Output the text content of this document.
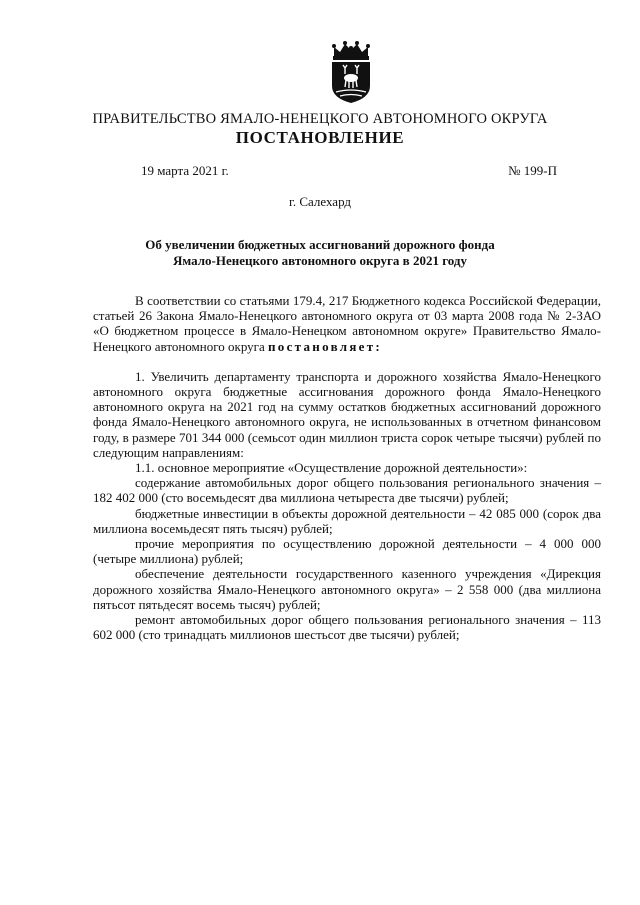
ПРАВИТЕЛЬСТВО ЯМАЛО-НЕНЕЦКОГО АВТОНОМНОГО ОКРУГА
ПОСТАНОВЛЕНИЕ
19 марта 2021 г.	№ 199-П
г. Салехард
Об увеличении бюджетных ассигнований дорожного фонда
Ямало-Ненецкого автономного округа в 2021 году

В соответствии со статьями 179.4, 217 Бюджетного кодекса Российской Федерации, статьей 26 Закона Ямало-Ненецкого автономного округа от 03 марта 2008 года № 2-ЗАО «О бюджетном процессе в Ямало-Ненецком автономном округе» Правительство Ямало-Ненецкого автономного округа постановляет:

1. Увеличить департаменту транспорта и дорожного хозяйства Ямало-Ненецкого автономного округа бюджетные ассигнования дорожного фонда Ямало-Ненецкого автономного округа на 2021 год на сумму остатков бюджетных ассигнований дорожного фонда Ямало-Ненецкого автономного округа, не использованных в отчетном финансовом году, в размере 701 344 000 (семьсот один миллион триста сорок четыре тысячи) рублей по следующим направлениям:

1.1. основное мероприятие «Осуществление дорожной деятельности»:

содержание автомобильных дорог общего пользования регионального значения – 182 402 000 (сто восемьдесят два миллиона четыреста две тысячи) рублей;

бюджетные инвестиции в объекты дорожной деятельности – 42 085 000 (сорок два миллиона восемьдесят пять тысяч) рублей;

прочие мероприятия по осуществлению дорожной деятельности – 4 000 000 (четыре миллиона) рублей;

обеспечение деятельности государственного казенного учреждения «Дирекция дорожного хозяйства Ямало-Ненецкого автономного округа» – 2 558 000 (два миллиона пятьсот пятьдесят восемь тысяч) рублей;

ремонт автомобильных дорог общего пользования регионального значения – 113 602 000 (сто тринадцать миллионов шестьсот две тысячи) рублей;
